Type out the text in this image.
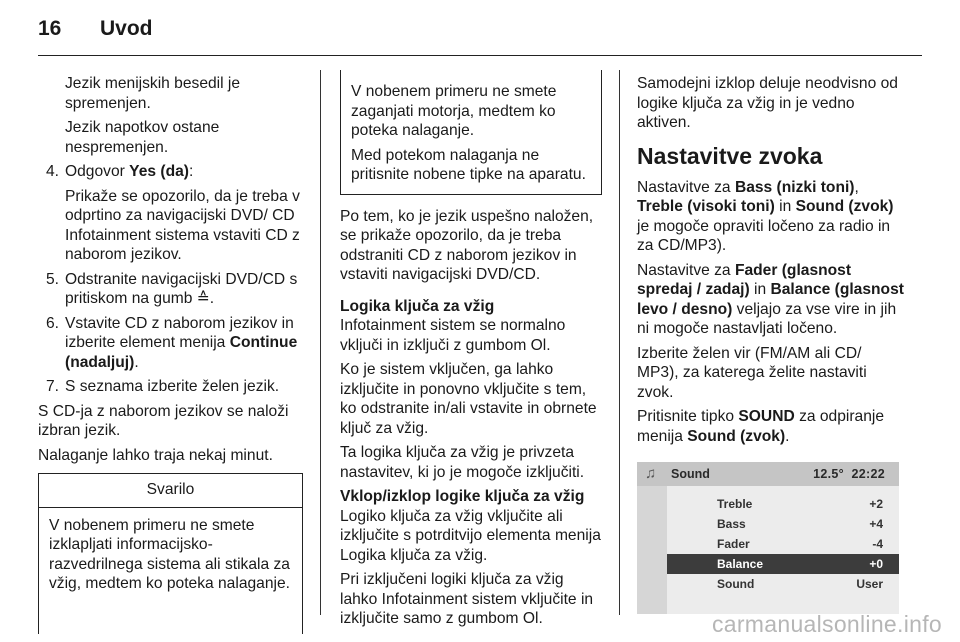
16 Uvod

Jezik menijskih besedil je spremenjen.

Jezik napotkov ostane nespremenjen.

4. Odgovor Yes (da):

Prikaže se opozorilo, da je treba v odprtino za navigacijski DVD/ CD Infotainment sistema vstaviti CD z naborom jezikov.

5. Odstranite navigacijski DVD/CD s pritiskom na gumb ≙.
6. Vstavite CD z naborom jezikov in izberite element menija Continue (nadaljuj).
7. S seznama izberite želen jezik.

S CD-ja z naborom jezikov se naloži izbran jezik.

Nalaganje lahko traja nekaj minut.

Svarilo

V nobenem primeru ne smete izklapljati informacijsko-razvedrilnega sistema ali stikala za vžig, medtem ko poteka nalaganje.

V nobenem primeru ne smete zaganjati motorja, medtem ko poteka nalaganje.

Med potekom nalaganja ne pritisnite nobene tipke na aparatu.

Po tem, ko je jezik uspešno naložen, se prikaže opozorilo, da je treba odstraniti CD z naborom jezikov in vstaviti navigacijski DVD/CD.

Logika ključa za vžig

Infotainment sistem se normalno vključi in izključi z gumbom Ol.

Ko je sistem vključen, ga lahko izključite in ponovno vključite s tem, ko odstranite in/ali vstavite in obrnete ključ za vžig.

Ta logika ključa za vžig je privzeta nastavitev, ki jo je mogoče izključiti.

Vklop/izklop logike ključa za vžig

Logiko ključa za vžig vključite ali izključite s potrditvijo elementa menija Logika ključa za vžig.

Pri izključeni logiki ključa za vžig lahko Infotainment sistem vključite in izključite samo z gumbom Ol.

Samodejni izklop deluje neodvisno od logike ključa za vžig in je vedno aktiven.

Nastavitve zvoka

Nastavitve za Bass (nizki toni), Treble (visoki toni) in Sound (zvok) je mogoče opraviti ločeno za radio in za CD/MP3).

Nastavitve za Fader (glasnost spredaj / zadaj) in Balance (glasnost levo / desno) veljajo za vse vire in jih ni mogoče nastavljati ločeno.

Izberite želen vir (FM/AM ali CD/ MP3), za katerega želite nastaviti zvok.

Pritisnite tipko SOUND za odpiranje menija Sound (zvok).

♫ Sound	12.5° 22:22
Treble	+2
Bass	+4
Fader	-4
Balance	+0
Sound	User
carmanualsonline.info
